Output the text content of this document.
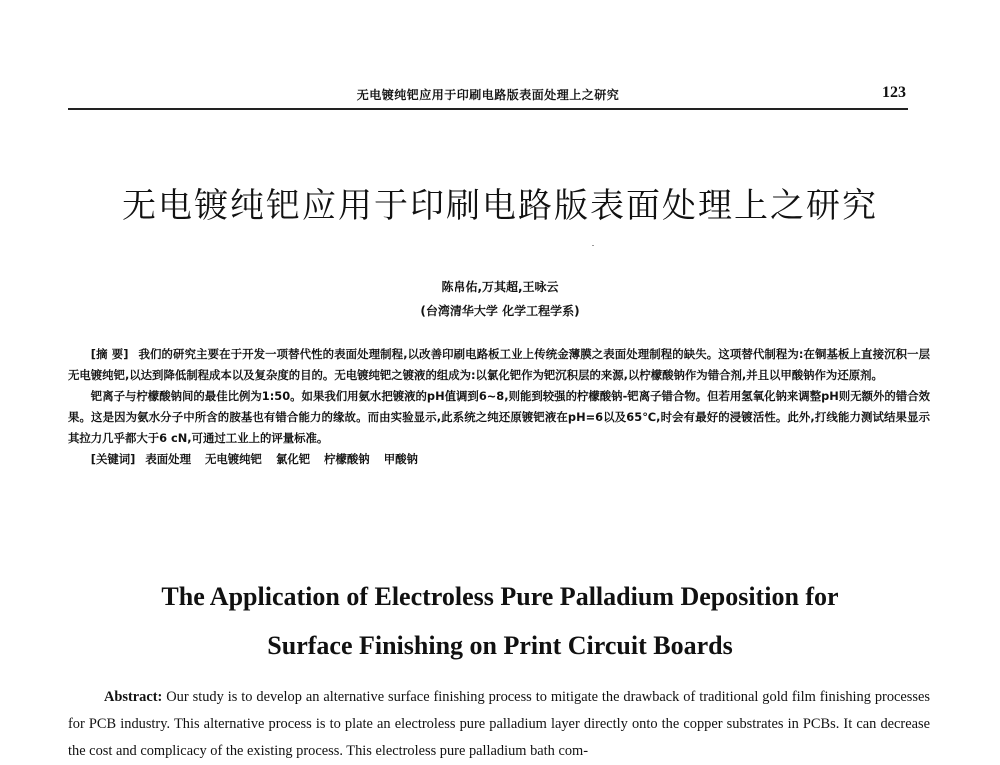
无电镀纯钯应用于印刷电路版表面处理上之研究	123
无电镀纯钯应用于印刷电路版表面处理上之研究
陈帛佑,万其超,王咏云
(台湾清华大学 化学工程学系)

[摘 要] 我们的研究主要在于开发一项替代性的表面处理制程,以改善印刷电路板工业上传统金薄膜之表面处理制程的缺失。这项替代制程为:在铜基板上直接沉积一层无电镀纯钯,以达到降低制程成本以及复杂度的目的。无电镀纯钯之镀液的组成为:以氯化钯作为钯沉积层的来源,以柠檬酸钠作为错合剂,并且以甲酸钠作为还原剂。

钯离子与柠檬酸钠间的最佳比例为1:50。如果我们用氨水把镀液的pH值调到6~8,则能到较强的柠檬酸钠-钯离子错合物。但若用氢氧化钠来调整pH则无额外的错合效果。这是因为氨水分子中所含的胺基也有错合能力的缘故。而由实验显示,此系统之纯还原镀钯液在pH=6以及65℃,时会有最好的浸镀活性。此外,打线能力测试结果显示其拉力几乎都大于6 cN,可通过工业上的评量标准。

[关键词] 表面处理 无电镀纯钯 氯化钯 柠檬酸钠 甲酸钠

The Application of Electroless Pure Palladium Deposition for
Surface Finishing on Print Circuit Boards

Abstract: Our study is to develop an alternative surface finishing process to mitigate the drawback of traditional gold film finishing processes for PCB industry. This alternative process is to plate an electroless pure palladium layer directly onto the copper substrates in PCBs. It can decrease the cost and complicacy of the existing process. This electroless pure palladium bath com-
